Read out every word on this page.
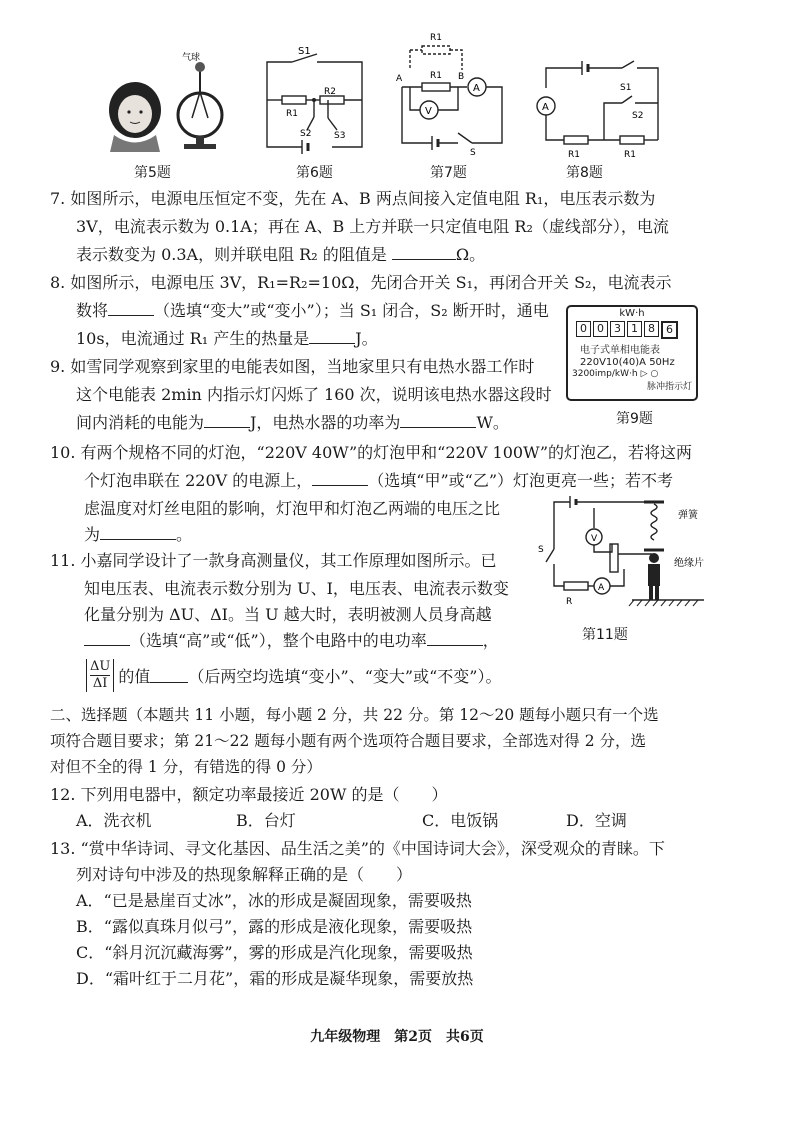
气球
第5题
S1
R1
R2
S2	S3
第6题
R1
R1
A	B
A
V
S
第7题
A
S1
S2
R1	R1
第8题
7. 如图所示，电源电压恒定不变，先在 A、B 两点间接入定值电阻 R₁，电压表示数为
3V，电流表示数为 0.1A；再在 A、B 上方并联一只定值电阻 R₂（虚线部分），电流
表示数变为 0.3A，则并联电阻 R₂ 的阻值是	Ω。
8. 如图所示，电源电压 3V，R₁=R₂=10Ω，先闭合开关 S₁，再闭合开关 S₂，电流表示
数将	（选填“变大”或“变小”）；当 S₁ 闭合，S₂ 断开时，通电
10s，电流通过 R₁ 产生的热量是	J。
kW·h
0 0 3 1 8	6
电子式单相电能表
220V10(40)A 50Hz
3200imp/kW·h ▷ ○
脉冲指示灯
第9题
9. 如雪同学观察到家里的电能表如图，当地家里只有电热水器工作时
这个电能表 2min 内指示灯闪烁了 160 次，说明该电热水器这段时
间内消耗的电能为	J，电热水器的功率为	W。
10. 有两个规格不同的灯泡，“220V 40W”的灯泡甲和“220V 100W”的灯泡乙，若将这两
个灯泡串联在 220V 的电源上，	（选填“甲”或“乙”）灯泡更亮一些；若不考
虑温度对灯丝电阻的影响，灯泡甲和灯泡乙两端的电压之比
为	。
弹簧
绝缘片
S
V
A
R
第11题
11. 小嘉同学设计了一款身高测量仪，其工作原理如图所示。已
知电压表、电流表示数分别为 U、I，电压表、电流表示数变
化量分别为 ΔU、ΔI。当 U 越大时，表明被测人员身高越
（选填“高”或“低”），整个电路中的电功率	，
$\frac{\Delta U}{\Delta I}$ 的值 （后两空均选填“变小”、“变大”或“不变”）。
二、选择题（本题共 11 小题，每小题 2 分，共 22 分。第 12～20 题每小题只有一个选
项符合题目要求；第 21～22 题每小题有两个选项符合题目要求，全部选对得 2 分，选
对但不全的得 1 分，有错选的得 0 分）
12. 下列用电器中，额定功率最接近 20W 的是（　　）
A．洗衣机	B．台灯	C．电饭锅	D．空调
13. “赏中华诗词、寻文化基因、品生活之美”的《中国诗词大会》，深受观众的青睐。下
列对诗句中涉及的热现象解释正确的是（　　）
A．“已是悬崖百丈冰”，冰的形成是凝固现象，需要吸热
B．“露似真珠月似弓”，露的形成是液化现象，需要吸热
C．“斜月沉沉藏海雾”，雾的形成是汽化现象，需要吸热
D．“霜叶红于二月花”，霜的形成是凝华现象，需要放热
九年级物理　第2页　共6页
